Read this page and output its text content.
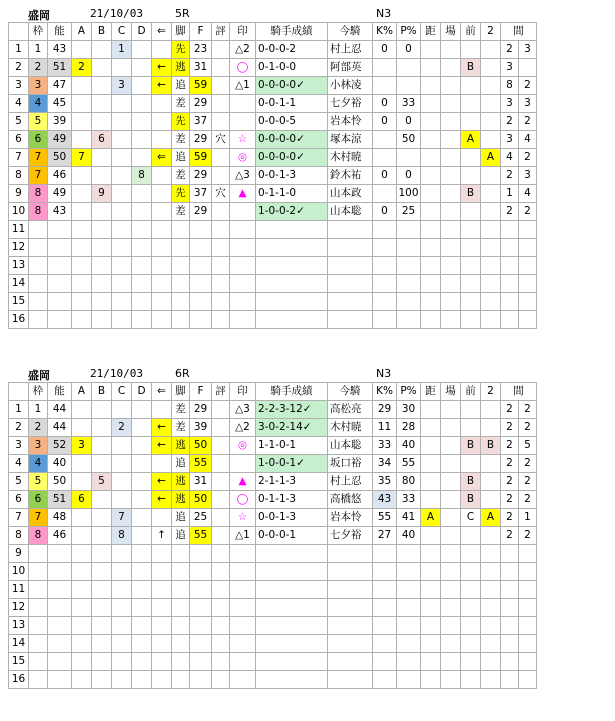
盛岡	21/10/03	5R	N3
	枠	能	A	B	C	D	⇐	脚	F	評	印	騎手成績	今騎	K%	P%	距	場	前	2	間	
1	1	43			1			先	23		△2	0-0-0-2	村上忍	0	0					2	3
2	2	51	2				←	逃	31		◯	0-1-0-0	阿部英					B		3	
3	3	47			3		←	追	59		△1	0-0-0-0✓	小林凌							8	2
4	4	45						差	29			0-0-1-1	七夕裕	0	33					3	3
5	5	39						先	37			0-0-0-5	岩本怜	0	0					2	2
6	6	49		6				差	29	穴	☆	0-0-0-0✓	塚本涼		50			A		3	4
7	7	50	7				⇐	追	59		◎	0-0-0-0✓	木村暁						A	4	2
8	7	46				8		差	29		△3	0-0-1-3	鈴木祐	0	0					2	3
9	8	49		9				先	37	穴	▲	0-1-1-0	山本政		100			B		1	4
10	8	43						差	29			1-0-0-2✓	山本聡	0	25					2	2
11																					
12																					
13																					
14																					
15																					
16																					
盛岡	21/10/03	6R	N3
	枠	能	A	B	C	D	⇐	脚	F	評	印	騎手成績	今騎	K%	P%	距	場	前	2	間	
1	1	44						差	29		△3	2-2-3-12✓	高松亮	29	30					2	2
2	2	44			2		←	差	39		△2	3-0-2-14✓	木村暁	11	28					2	2
3	3	52	3				←	逃	50		◎	1-1-0-1	山本聡	33	40			B	B	2	5
4	4	40						追	55			1-0-0-1✓	坂口裕	34	55					2	2
5	5	50		5			←	逃	31		▲	2-1-1-3	村上忍	35	80			B		2	2
6	6	51	6				←	逃	50		◯	0-1-1-3	高橋悠	43	33			B		2	2
7	7	48			7			追	25		☆	0-0-1-3	岩本怜	55	41	A		C	A	2	1
8	8	46			8		↑	追	55		△1	0-0-0-1	七夕裕	27	40					2	2
9																					
10																					
11																					
12																					
13																					
14																					
15																					
16																					
